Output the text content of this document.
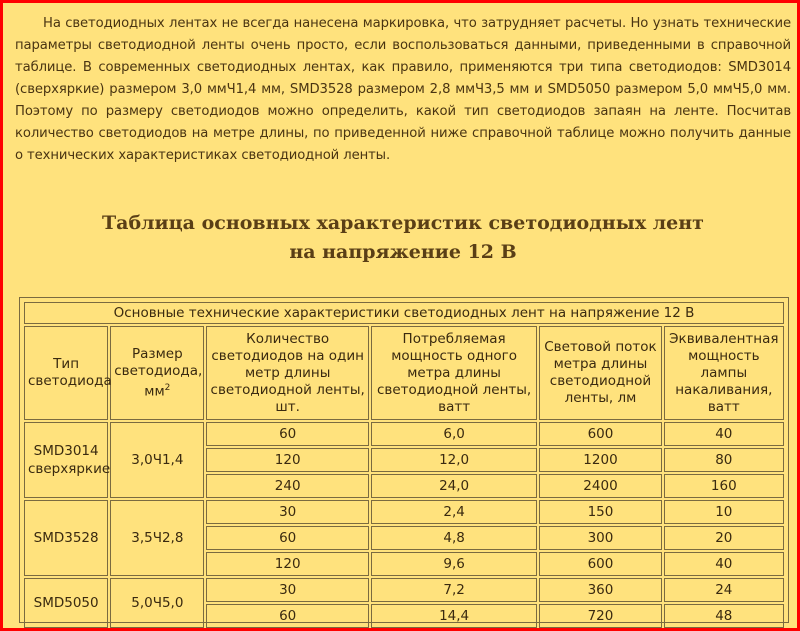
На светодиодных лентах не всегда нанесена маркировка, что затрудняет расчеты. Но узнать технические параметры светодиодной ленты очень просто, если воспользоваться данными, приведенными в справочной таблице. В современных светодиодных лентах, как правило, применяются три типа светодиодов: SMD3014 (сверхяркие) размером 3,0 ммЧ1,4 мм, SMD3528 размером 2,8 ммЧ3,5 мм и SMD5050 размером 5,0 ммЧ5,0 мм. Поэтому по размеру светодиодов можно определить, какой тип светодиодов запаян на ленте. Посчитав количество светодиодов на метре длины, по приведенной ниже справочной таблице можно получить данные о технических характеристиках светодиодной ленты.
Таблица основных характеристик светодиодных лент
на напряжение 12 В
Основные технические характеристики светодиодных лент на напряжение 12 В					
Тип светодиода	Размер светодиода, $мм^2$	Количество светодиодов на один метр длины светодиодной ленты, шт.	Потребляемая мощность одного метра длины светодиодной ленты, ватт	Световой поток метра длины светодиодной ленты, лм	Эквивалентная мощность лампы накаливания, ватт
SMD3014 сверхяркие	3,0Ч1,4	60	6,0	600	40
		120	12,0	1200	80
		240	24,0	2400	160
SMD3528	3,5Ч2,8	30	2,4	150	10
		60	4,8	300	20
		120	9,6	600	40
SMD5050	5,0Ч5,0	30	7,2	360	24
		60	14,4	720	48
